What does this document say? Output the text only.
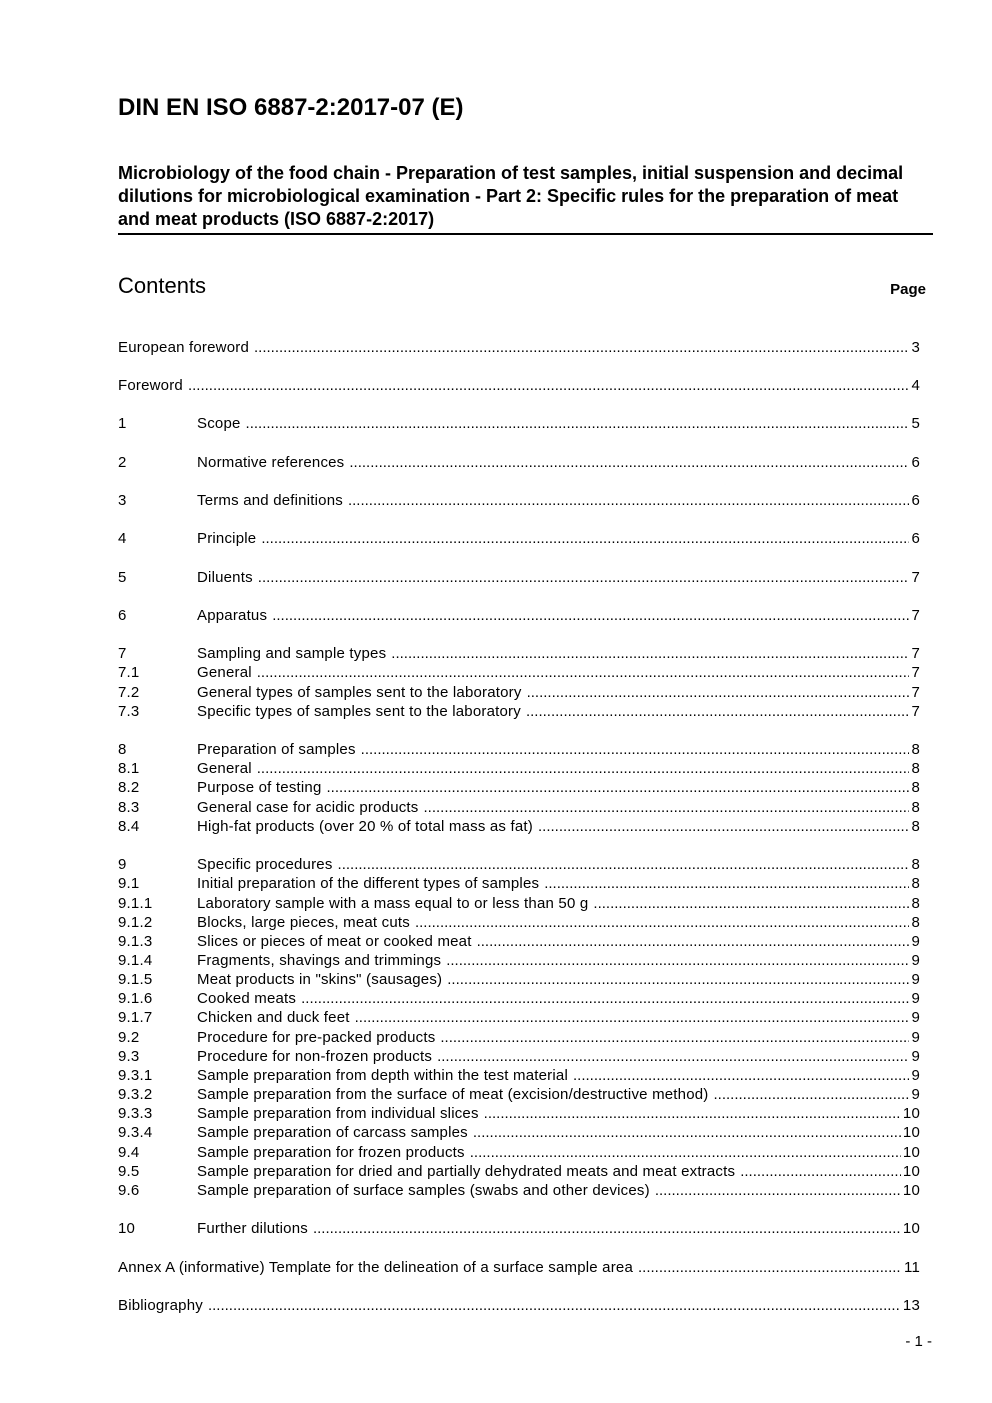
DIN EN ISO 6887-2:2017-07 (E)
Microbiology of the food chain - Preparation of test samples, initial suspension and decimal dilutions for microbiological examination - Part 2: Specific rules for the preparation of meat and meat products (ISO 6887-2:2017)
Contents	Page
European foreword .....	3
Foreword .....	4
1	Scope .....	5
2	Normative references .....	6
3	Terms and definitions .....	6
4	Principle .....	6
5	Diluents .....	7
6	Apparatus .....	7
7	Sampling and sample types .....	7
7.1	General .....	7
7.2	General types of samples sent to the laboratory .....	7
7.3	Specific types of samples sent to the laboratory .....	7
8	Preparation of samples .....	8
8.1	General .....	8
8.2	Purpose of testing .....	8
8.3	General case for acidic products .....	8
8.4	High-fat products (over 20 % of total mass as fat) .....	8
9	Specific procedures .....	8
9.1	Initial preparation of the different types of samples .....	8
9.1.1	Laboratory sample with a mass equal to or less than 50 g .....	8
9.1.2	Blocks, large pieces, meat cuts .....	8
9.1.3	Slices or pieces of meat or cooked meat .....	9
9.1.4	Fragments, shavings and trimmings .....	9
9.1.5	Meat products in "skins" (sausages) .....	9
9.1.6	Cooked meats .....	9
9.1.7	Chicken and duck feet .....	9
9.2	Procedure for pre-packed products .....	9
9.3	Procedure for non-frozen products .....	9
9.3.1	Sample preparation from depth within the test material .....	9
9.3.2	Sample preparation from the surface of meat (excision/destructive method) .....	9
9.3.3	Sample preparation from individual slices .....	10
9.3.4	Sample preparation of carcass samples .....	10
9.4	Sample preparation for frozen products .....	10
9.5	Sample preparation for dried and partially dehydrated meats and meat extracts .....	10
9.6	Sample preparation of surface samples (swabs and other devices) .....	10
10	Further dilutions .....	10
Annex A (informative) Template for the delineation of a surface sample area .....	11
Bibliography .....	13
- 1 -
